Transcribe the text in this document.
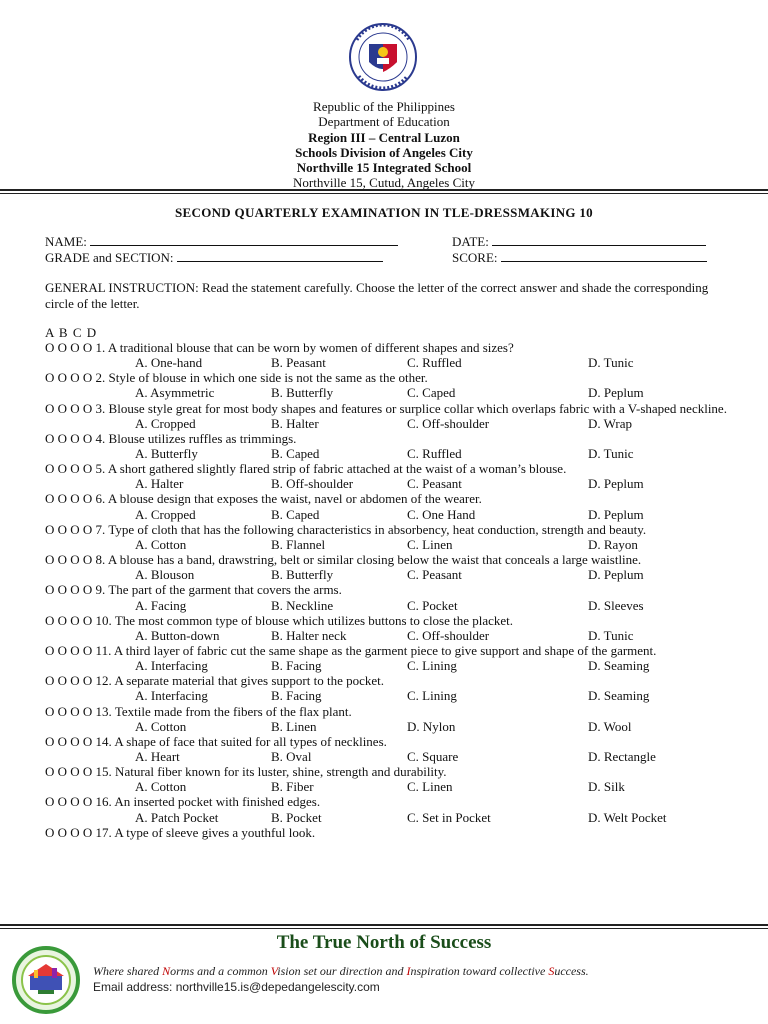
Republic of the Philippines
Department of Education
Region III – Central Luzon
Schools Division of Angeles City
Northville 15 Integrated School
Northville 15, Cutud, Angeles City
SECOND QUARTERLY EXAMINATION IN TLE-DRESSMAKING 10
NAME:	DATE:
GRADE and SECTION:	SCORE:
GENERAL INSTRUCTION: Read the statement carefully. Choose the letter of the correct answer and shade the corresponding circle of the letter.
A B C D
O O O O 1. A traditional blouse that can be worn by women of different shapes and sizes?
A. One-hand	B. Peasant	C. Ruffled	D. Tunic
O O O O 2. Style of blouse in which one side is not the same as the other.
A. Asymmetric	B. Butterfly	C. Caped	D. Peplum
O O O O 3. Blouse style great for most body shapes and features or surplice collar which overlaps fabric with a V-shaped neckline.
A. Cropped	B. Halter	C. Off-shoulder	D. Wrap
O O O O 4. Blouse utilizes ruffles as trimmings.
A. Butterfly	B. Caped	C. Ruffled	D. Tunic
O O O O 5. A short gathered slightly flared strip of fabric attached at the waist of a woman’s blouse.
A. Halter	B. Off-shoulder	C. Peasant	D. Peplum
O O O O 6. A blouse design that exposes the waist, navel or abdomen of the wearer.
A. Cropped	B. Caped	C. One Hand	D. Peplum
O O O O 7. Type of cloth that has the following characteristics in absorbency, heat conduction, strength and beauty.
A. Cotton	B. Flannel	C. Linen	D. Rayon
O O O O 8. A blouse has a band, drawstring, belt or similar closing below the waist that conceals a large waistline.
A. Blouson	B. Butterfly	C. Peasant	D. Peplum
O O O O 9. The part of the garment that covers the arms.
A. Facing	B. Neckline	C. Pocket	D. Sleeves
O O O O 10. The most common type of blouse which utilizes buttons to close the placket.
A. Button-down	B. Halter neck	C. Off-shoulder	D. Tunic
O O O O 11. A third layer of fabric cut the same shape as the garment piece to give support and shape of the garment.
A. Interfacing	B. Facing	C. Lining	D. Seaming
O O O O 12. A separate material that gives support to the pocket.
A. Interfacing	B. Facing	C. Lining	D. Seaming
O O O O 13. Textile made from the fibers of the flax plant.
A. Cotton	B. Linen	D. Nylon	D. Wool
O O O O 14. A shape of face that suited for all types of necklines.
A. Heart	B. Oval	C. Square	D. Rectangle
O O O O 15. Natural fiber known for its luster, shine, strength and durability.
A. Cotton	B. Fiber	C. Linen	D. Silk
O O O O 16. An inserted pocket with finished edges.
A. Patch Pocket	B. Pocket	C. Set in Pocket	D. Welt Pocket
O O O O 17. A type of sleeve gives a youthful look.
The True North of Success
Where shared Norms and a common Vision set our direction and Inspiration toward collective Success.
Email address: northville15.is@depedangelescity.com
